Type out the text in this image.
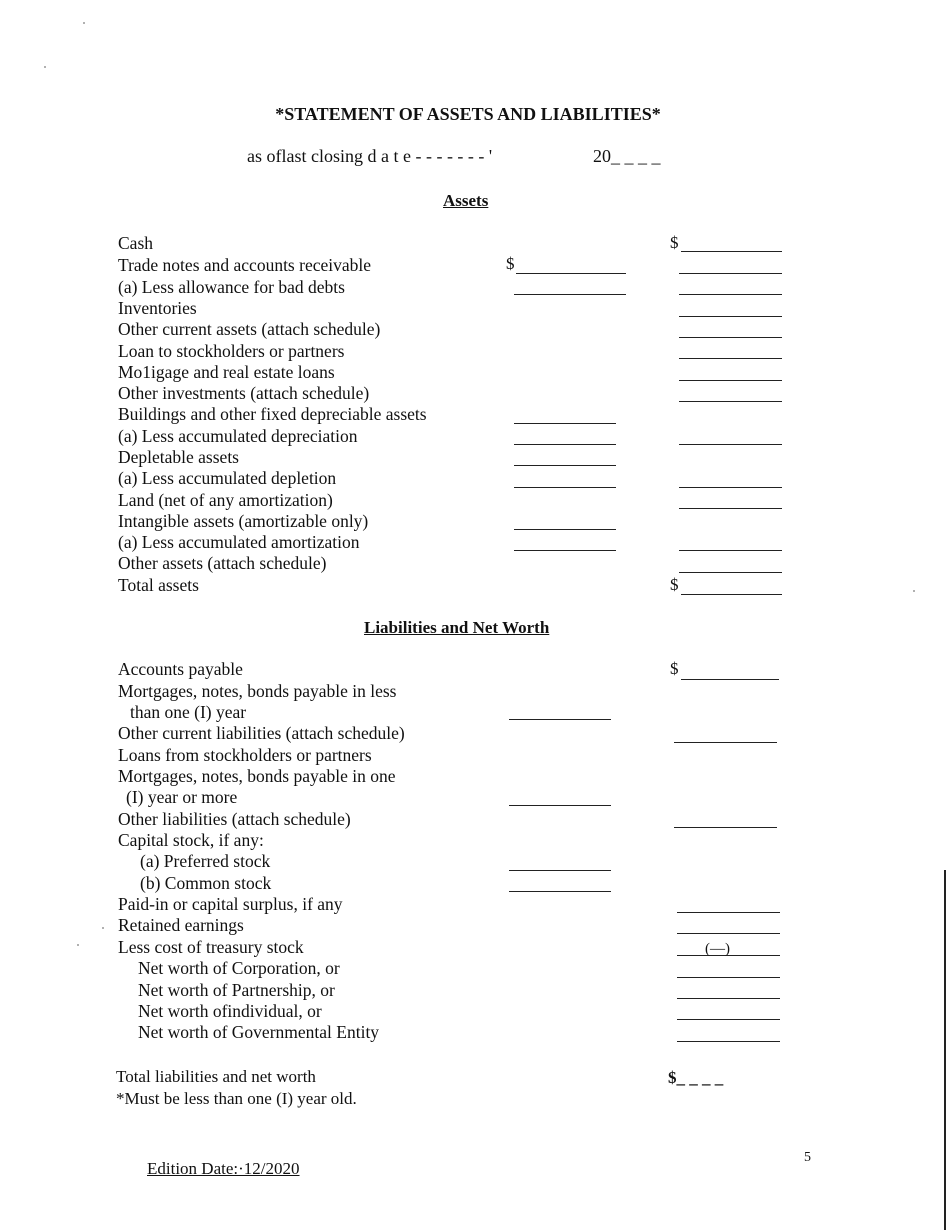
*STATEMENT OF ASSETS AND LIABILITIES*
as oflast closing d a t e - - - - - - - '	20_ _ _ _
Assets
Cash
Trade notes and accounts receivable
(a) Less allowance for bad debts
Inventories
Other current assets (attach schedule)
Loan to stockholders or partners
Mo1igage and real estate loans
Other investments (attach schedule)
Buildings and other fixed depreciable assets
(a) Less accumulated depreciation
Depletable assets
(a) Less accumulated depletion
Land (net of any amortization)
Intangible assets (amortizable only)
(a) Less accumulated amortization
Other assets (attach schedule)
Total assets
$
$
$
Liabilities and Net Worth
Accounts payable
Mortgages, notes, bonds payable in less
than one (I) year
Other current liabilities (attach schedule)
Loans from stockholders or partners
Mortgages, notes, bonds payable in one
(I) year or more
Other liabilities (attach schedule)
Capital stock, if any:
(a) Preferred stock
(b) Common stock
Paid-in or capital surplus, if any
Retained earnings
Less cost of treasury stock
Net worth of Corporation, or
Net worth of Partnership, or
Net worth ofindividual, or
Net worth of Governmental Entity
$
(—)
Total liabilities and net worth	$_ _ _ _
*Must be less than one (I) year old.
Edition Date:·12/2020
5
